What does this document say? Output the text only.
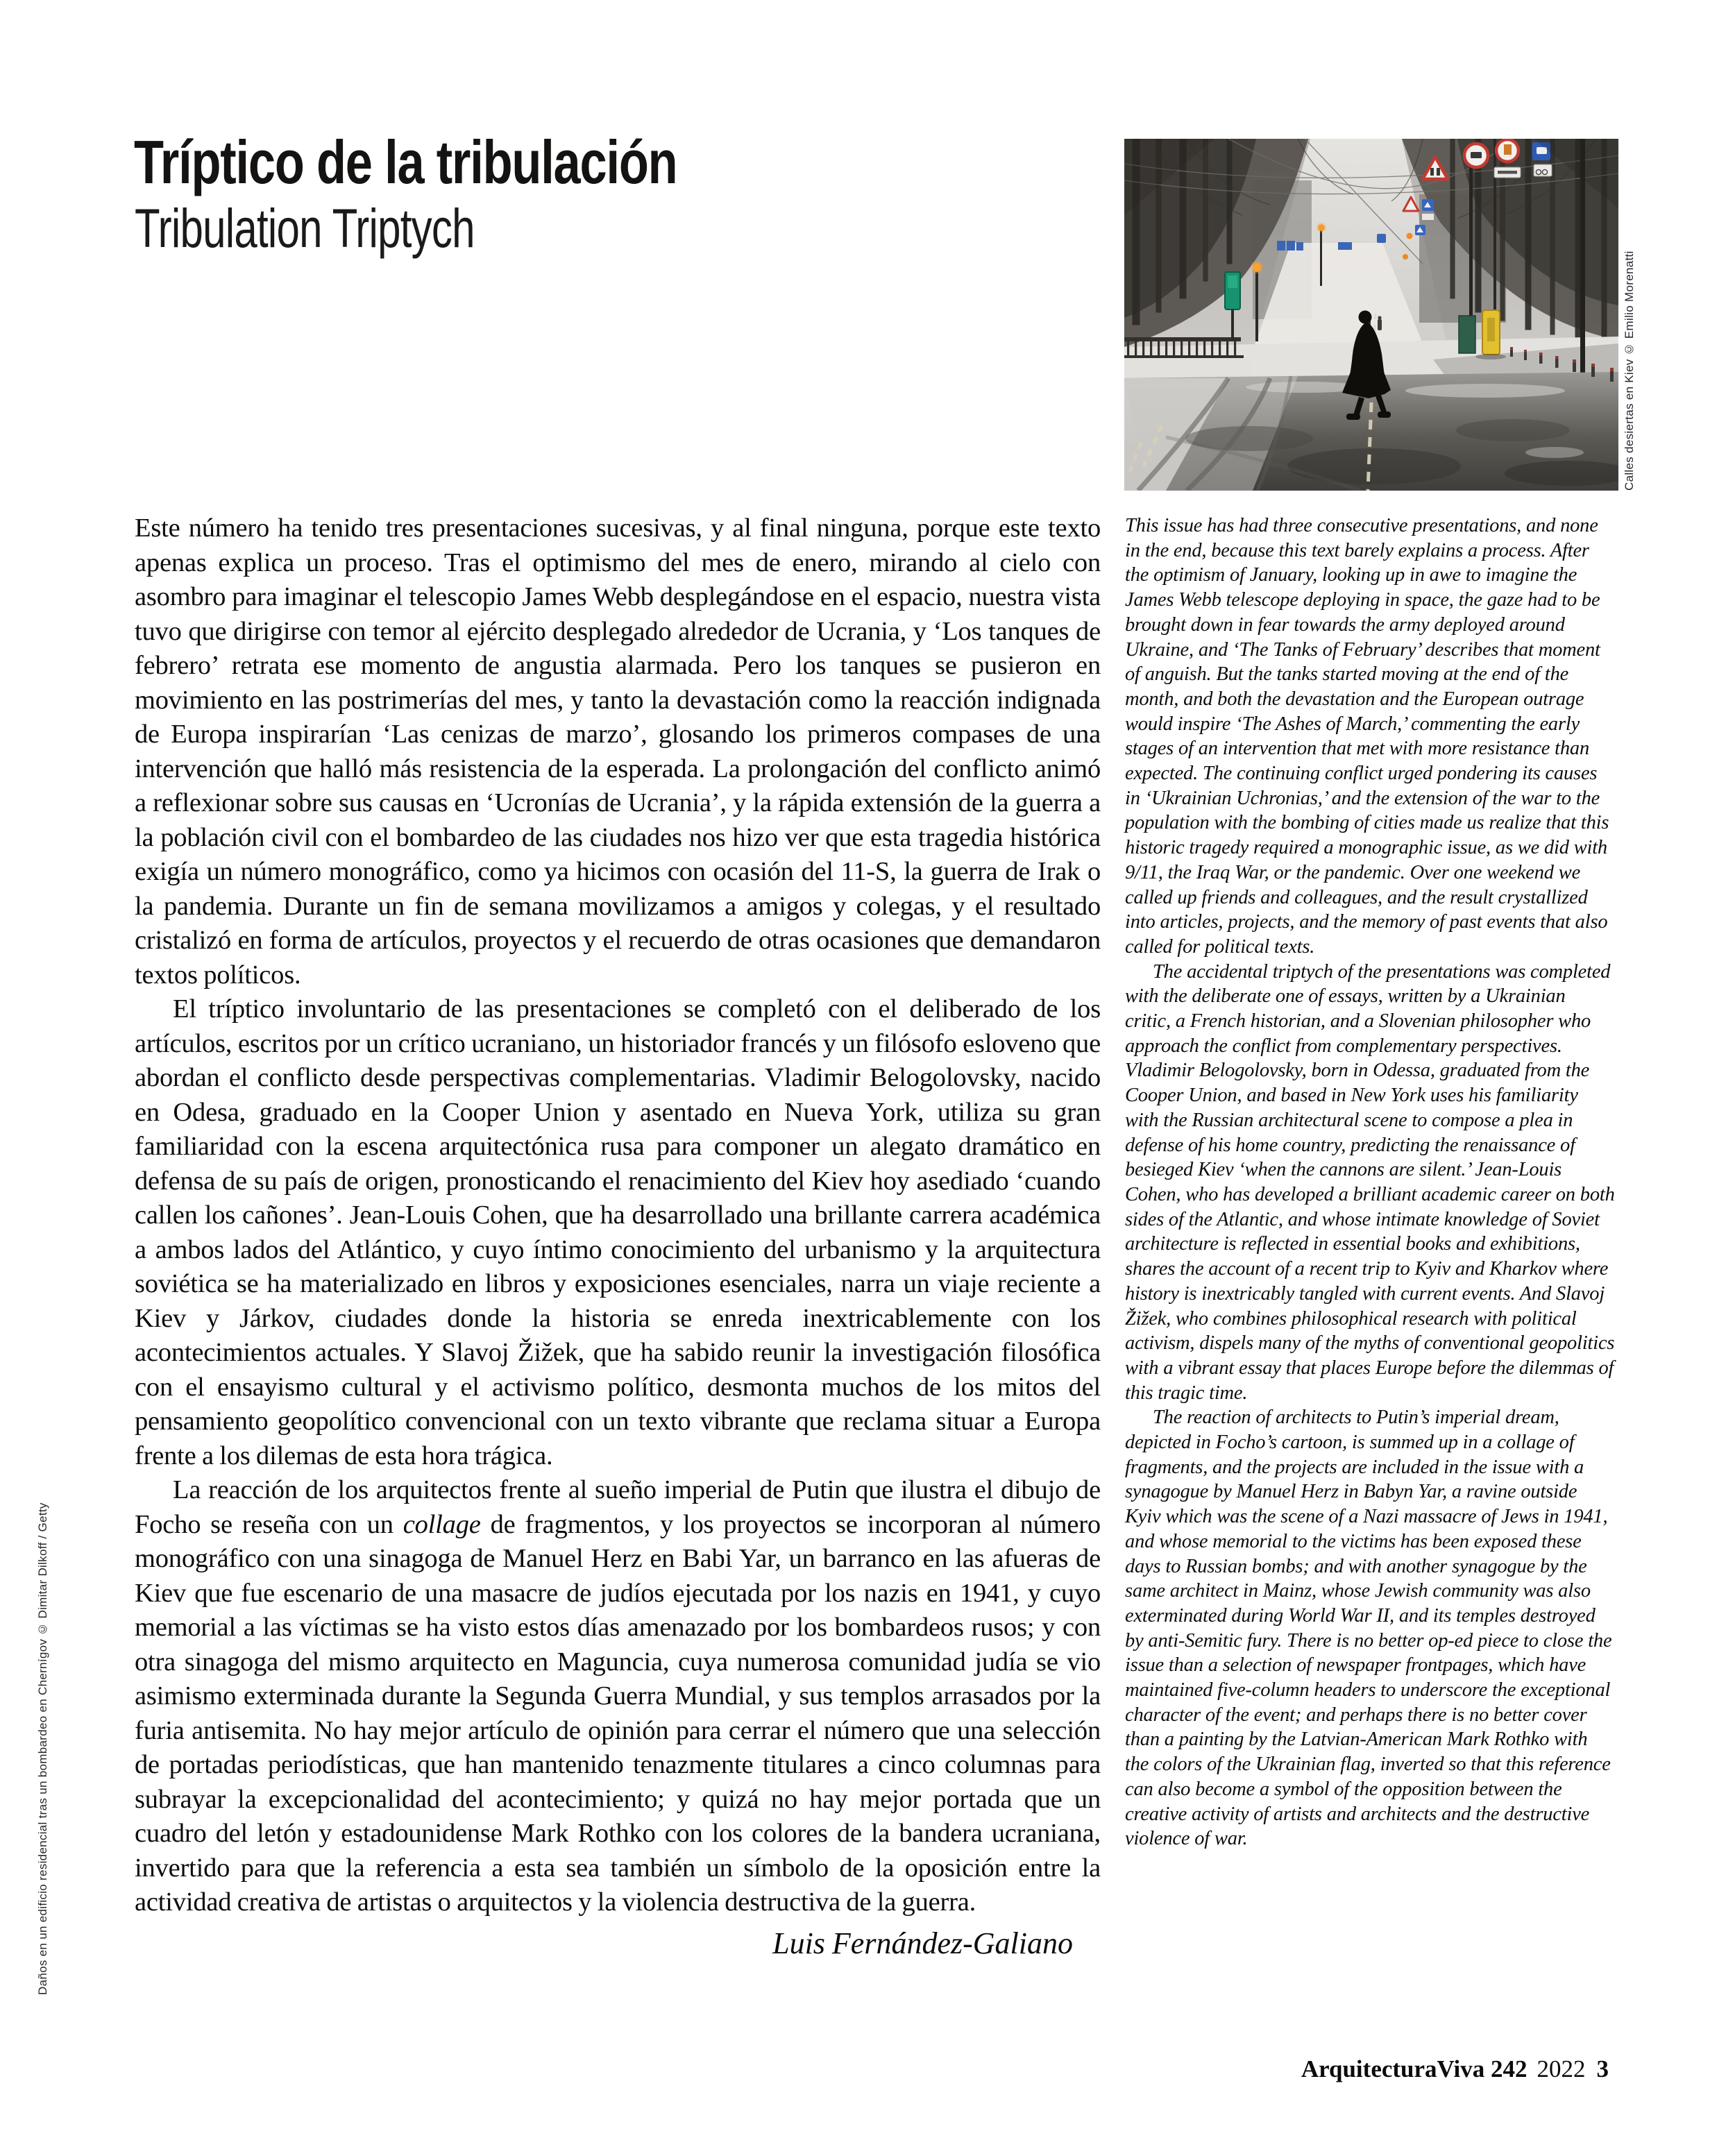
Tríptico de la tribulación
Tribulation Triptych
Daños en un edificio residencial tras un bombardeo en Chernígov © Dimitar Dilkoff / Getty
Calles desiertas en Kiev © Emilio Morenatti

Este número ha tenido tres presentaciones sucesivas, y al final ninguna, porque este texto apenas explica un proceso. Tras el optimismo del mes de enero, mirando al cielo con asombro para imaginar el telescopio James Webb desplegándose en el espacio, nuestra vista tuvo que dirigirse con temor al ejército desplegado alrededor de Ucrania, y ‘Los tanques de febrero’ retrata ese momento de angustia alarmada. Pero los tanques se pusieron en movimiento en las postrimerías del mes, y tanto la devastación como la reacción indignada de Europa inspirarían ‘Las cenizas de marzo’, glosando los primeros compases de una intervención que halló más resistencia de la esperada. La prolongación del conflicto animó a reflexionar sobre sus causas en ‘Ucronías de Ucrania’, y la rápida extensión de la guerra a la población civil con el bombardeo de las ciudades nos hizo ver que esta tragedia histórica exigía un número monográfico, como ya hicimos con ocasión del 11-S, la guerra de Irak o la pandemia. Durante un fin de semana movilizamos a amigos y colegas, y el resultado cristalizó en forma de artículos, proyectos y el recuerdo de otras ocasiones que demandaron textos políticos.

El tríptico involuntario de las presentaciones se completó con el deliberado de los artículos, escritos por un crítico ucraniano, un historiador francés y un filósofo esloveno que abordan el conflicto desde perspectivas complementarias. Vladimir Belogolovsky, nacido en Odesa, graduado en la Cooper Union y asentado en Nueva York, utiliza su gran familiaridad con la escena arquitectónica rusa para componer un alegato dramático en defensa de su país de origen, pronosticando el renacimiento del Kiev hoy asediado ‘cuando callen los cañones’. Jean-Louis Cohen, que ha desarrollado una brillante carrera académica a ambos lados del Atlántico, y cuyo íntimo conocimiento del urbanismo y la arquitectura soviética se ha materializado en libros y exposiciones esenciales, narra un viaje reciente a Kiev y Járkov, ciudades donde la historia se enreda inextricablemente con los acontecimientos actuales. Y Slavoj Žižek, que ha sabido reunir la investigación filosófica con el ensayismo cultural y el activismo político, desmonta muchos de los mitos del pensamiento geopolítico convencional con un texto vibrante que reclama situar a Europa frente a los dilemas de esta hora trágica.

La reacción de los arquitectos frente al sueño imperial de Putin que ilustra el dibujo de Focho se reseña con un collage de fragmentos, y los proyectos se incorporan al número monográfico con una sinagoga de Manuel Herz en Babi Yar, un barranco en las afueras de Kiev que fue escenario de una masacre de judíos ejecutada por los nazis en 1941, y cuyo memorial a las víctimas se ha visto estos días amenazado por los bombardeos rusos; y con otra sinagoga del mismo arquitecto en Maguncia, cuya numerosa comunidad judía se vio asimismo exterminada durante la Segunda Guerra Mundial, y sus templos arrasados por la furia antisemita. No hay mejor artículo de opinión para cerrar el número que una selección de portadas periodísticas, que han mantenido tenazmente titulares a cinco columnas para subrayar la excepcionalidad del acontecimiento; y quizá no hay mejor portada que un cuadro del letón y estadounidense Mark Rothko con los colores de la bandera ucraniana, invertido para que la referencia a esta sea también un símbolo de la oposición entre la actividad creativa de artistas o arquitectos y la violencia destructiva de la guerra.

Luis Fernández-Galiano

This issue has had three consecutive presentations, and none in the end, because this text barely explains a process. After the optimism of January, looking up in awe to imagine the James Webb telescope deploying in space, the gaze had to be brought down in fear towards the army deployed around Ukraine, and ‘The Tanks of February’ describes that moment of anguish. But the tanks started moving at the end of the month, and both the devastation and the European outrage would inspire ‘The Ashes of March,’ commenting the early stages of an intervention that met with more resistance than expected. The continuing conflict urged pondering its causes in ‘Ukrainian Uchronias,’ and the extension of the war to the population with the bombing of cities made us realize that this historic tragedy required a monographic issue, as we did with 9/11, the Iraq War, or the pandemic. Over one weekend we called up friends and colleagues, and the result crystallized into articles, projects, and the memory of past events that also called for political texts.

The accidental triptych of the presentations was completed with the deliberate one of essays, written by a Ukrainian critic, a French historian, and a Slovenian philosopher who approach the conflict from complementary perspectives. Vladimir Belogolovsky, born in Odessa, graduated from the Cooper Union, and based in New York uses his familiarity with the Russian architectural scene to compose a plea in defense of his home country, predicting the renaissance of besieged Kiev ‘when the cannons are silent.’ Jean-Louis Cohen, who has developed a brilliant academic career on both sides of the Atlantic, and whose intimate knowledge of Soviet architecture is reflected in essential books and exhibitions, shares the account of a recent trip to Kyiv and Kharkov where history is inextricably tangled with current events. And Slavoj Žižek, who combines philosophical research with political activism, dispels many of the myths of conventional geopolitics with a vibrant essay that places Europe before the dilemmas of this tragic time.

The reaction of architects to Putin’s imperial dream, depicted in Focho’s cartoon, is summed up in a collage of fragments, and the projects are included in the issue with a synagogue by Manuel Herz in Babyn Yar, a ravine outside Kyiv which was the scene of a Nazi massacre of Jews in 1941, and whose memorial to the victims has been exposed these days to Russian bombs; and with another synagogue by the same architect in Mainz, whose Jewish community was also exterminated during World War II, and its temples destroyed by anti-Semitic fury. There is no better op-ed piece to close the issue than a selection of newspaper frontpages, which have maintained five-column headers to underscore the exceptional character of the event; and perhaps there is no better cover than a painting by the Latvian-American Mark Rothko with the colors of the Ukrainian flag, inverted so that this reference can also become a symbol of the opposition between the creative activity of artists and architects and the destructive violence of war.

ArquitecturaViva 242 2022 3
